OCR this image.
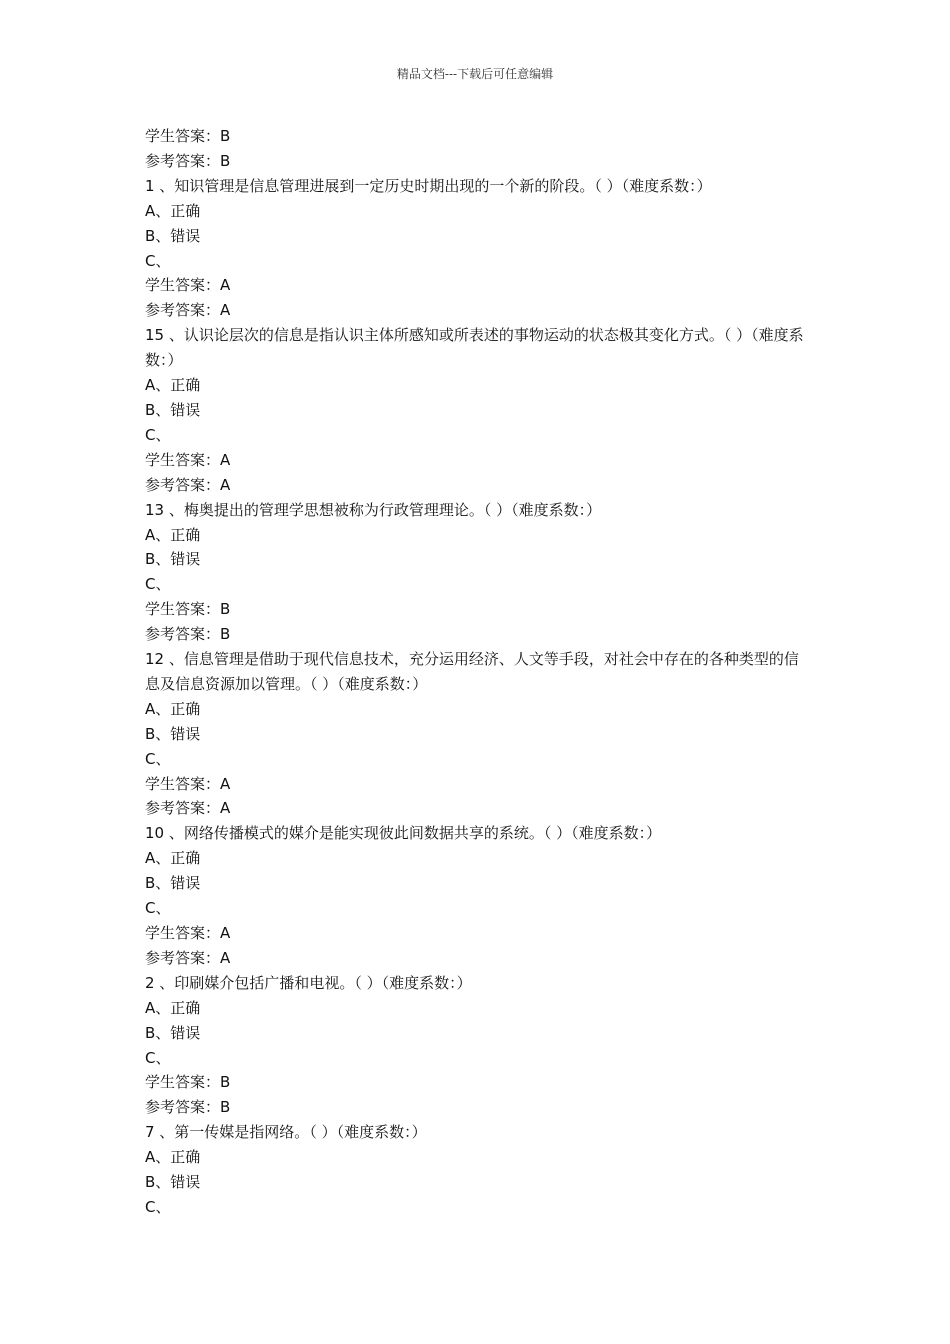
精品文档---下载后可任意编辑
学生答案：B
参考答案：B
1 、知识管理是信息管理进展到一定历史时期出现的一个新的阶段。（ ）（难度系数：）
A、正确
B、错误
C、
学生答案：A
参考答案：A
15 、认识论层次的信息是指认识主体所感知或所表述的事物运动的状态极其变化方式。（ ）（难度系数：）
A、正确
B、错误
C、
学生答案：A
参考答案：A
13 、梅奥提出的管理学思想被称为行政管理理论。（ ）（难度系数：）
A、正确
B、错误
C、
学生答案：B
参考答案：B
12 、信息管理是借助于现代信息技术，充分运用经济、人文等手段，对社会中存在的各种类型的信息及信息资源加以管理。（ ）（难度系数：）
A、正确
B、错误
C、
学生答案：A
参考答案：A
10 、网络传播模式的媒介是能实现彼此间数据共享的系统。（ ）（难度系数：）
A、正确
B、错误
C、
学生答案：A
参考答案：A
2 、印刷媒介包括广播和电视。（ ）（难度系数：）
A、正确
B、错误
C、
学生答案：B
参考答案：B
7 、第一传媒是指网络。（ ）（难度系数：）
A、正确
B、错误
C、
